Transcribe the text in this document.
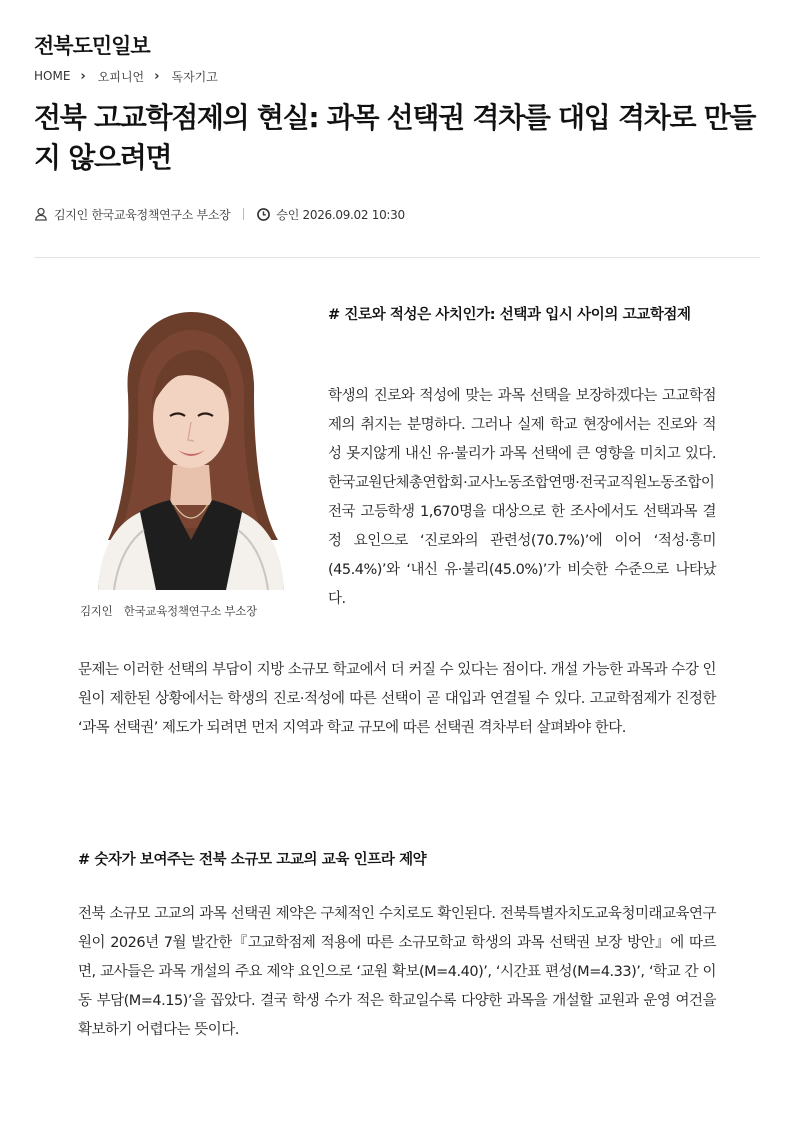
전북도민일보
HOME › 오피니언 › 독자기고
전북 고교학점제의 현실: 과목 선택권 격차를 대입 격차로 만들지 않으려면
김지인 한국교육정책연구소 부소장	승인 2026.09.02 10:30
김지인 한국교육정책연구소 부소장
# 진로와 적성은 사치인가: 선택과 입시 사이의 고교학점제

학생의 진로와 적성에 맞는 과목 선택을 보장하겠다는 고교학점제의 취지는 분명하다. 그러나 실제 학교 현장에서는 진로와 적성 못지않게 내신 유·불리가 과목 선택에 큰 영향을 미치고 있다. 한국교원단체총연합회·교사노동조합연맹·전국교직원노동조합이 전국 고등학생 1,670명을 대상으로 한 조사에서도 선택과목 결정 요인으로 ‘진로와의 관련성(70.7%)’에 이어 ‘적성·흥미(45.4%)’와 ‘내신 유·불리(45.0%)’가 비슷한 수준으로 나타났다.

문제는 이러한 선택의 부담이 지방 소규모 학교에서 더 커질 수 있다는 점이다. 개설 가능한 과목과 수강 인원이 제한된 상황에서는 학생의 진로·적성에 따른 선택이 곧 대입과 연결될 수 있다. 고교학점제가 진정한 ‘과목 선택권’ 제도가 되려면 먼저 지역과 학교 규모에 따른 선택권 격차부터 살펴봐야 한다.

# 숫자가 보여주는 전북 소규모 고교의 교육 인프라 제약

전북 소규모 고교의 과목 선택권 제약은 구체적인 수치로도 확인된다. 전북특별자치도교육청미래교육연구원이 2026년 7월 발간한『고교학점제 적용에 따른 소규모학교 학생의 과목 선택권 보장 방안』에 따르면, 교사들은 과목 개설의 주요 제약 요인으로 ‘교원 확보(M=4.40)’, ‘시간표 편성(M=4.33)’, ‘학교 간 이동 부담(M=4.15)’을 꼽았다. 결국 학생 수가 적은 학교일수록 다양한 과목을 개설할 교원과 운영 여건을 확보하기 어렵다는 뜻이다.
